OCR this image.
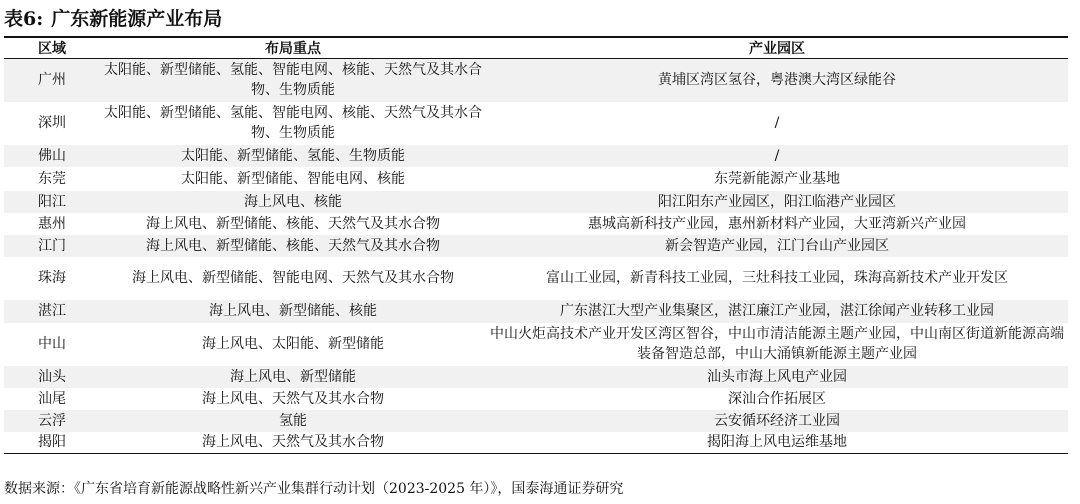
表6: 广东新能源产业布局
区域	布局重点	产业园区
广州	太阳能、新型储能、氢能、智能电网、核能、天然气及其水合物、生物质能	黄埔区湾区氢谷，粤港澳大湾区绿能谷
深圳	太阳能、新型储能、氢能、智能电网、核能、天然气及其水合物、生物质能	/
佛山	太阳能、新型储能、氢能、生物质能	/
东莞	太阳能、新型储能、智能电网、核能	东莞新能源产业基地
阳江	海上风电、核能	阳江阳东产业园区，阳江临港产业园区
惠州	海上风电、新型储能、核能、天然气及其水合物	惠城高新科技产业园，惠州新材料产业园，大亚湾新兴产业园
江门	海上风电、新型储能、核能、天然气及其水合物	新会智造产业园，江门台山产业园区
珠海	海上风电、新型储能、智能电网、天然气及其水合物	富山工业园，新青科技工业园，三灶科技工业园，珠海高新技术产业开发区
湛江	海上风电、新型储能、核能	广东湛江大型产业集聚区，湛江廉江产业园，湛江徐闻产业转移工业园
中山	海上风电、太阳能、新型储能	中山火炬高技术产业开发区湾区智谷，中山市清洁能源主题产业园，中山南区街道新能源高端装备智造总部，中山大涌镇新能源主题产业园
汕头	海上风电、新型储能	汕头市海上风电产业园
汕尾	海上风电、天然气及其水合物	深汕合作拓展区
云浮	氢能	云安循环经济工业园
揭阳	海上风电、天然气及其水合物	揭阳海上风电运维基地
数据来源：《广东省培育新能源战略性新兴产业集群行动计划（2023-2025 年）》，国泰海通证券研究
